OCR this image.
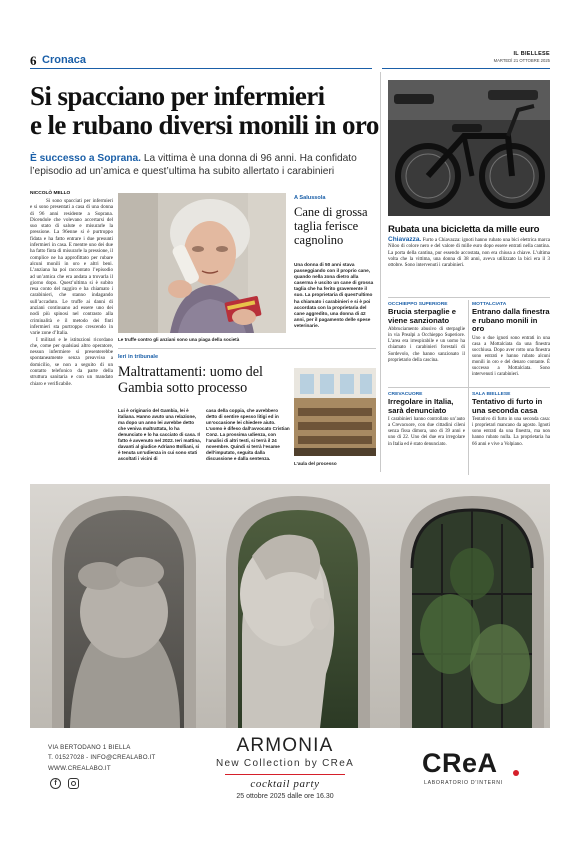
6 Cronaca	IL BIELLESE
MARTEDÌ 21 OTTOBRE 2025
Si spacciano per infermieri
e le rubano diversi monili in oro
È successo a Soprana. La vittima è una donna di 96 anni. Ha confidato l’episodio ad un’amica e quest’ultima ha subito allertato i carabinieri
NICCOLÒ MELLO

Si sono spacciati per infermieri e si sono presentati a casa di una donna di 96 anni residente a Soprana. Dicendole che volevano accertarsi del suo stato di salute e misurarle la pressione. La 96enne si è purtroppo fidata e ha fatto entrare i due presunti infermieri in casa. E mentre uno dei due ha fatto finta di misurarle la pressione, il complice ne ha approfittato per rubare alcuni monili in oro e altri beni. L’anziana ha poi raccontato l’episodio ad un’amica che era andata a trovarla il giorno dopo. Quest’ultima si è subito resa conto del raggiro e ha chiamato i carabinieri, che stanno indagando sull’accaduto. Le truffe ai danni di anziani continuano ad essere uno dei nodi più spinosi nel contrasto alla criminalità e il metodo dei finti infermieri sta purtroppo crescendo in varie zone d’Italia.

I militari e le istituzioni ricordano che, come per qualsiasi altro operatore, nessun infermiere si presenterebbe spontaneamente senza preavviso a domicilio, se non a seguito di un contatto telefonico da parte della struttura sanitaria e con un mandato chiaro e verificabile.

Le truffe contro gli anziani sono una piaga della società
A Salussola
Cane di grossa taglia ferisce cagnolino
Una donna di 50 anni stava passeggiando con il proprio cane, quando nella zona dietro alla caserma è uscito un cane di grossa taglia che ha ferito gravemente il suo. La proprietaria di quest’ultimo ha chiamato i carabinieri e si è poi accordata con la proprietaria del cane aggredito, una donna di 42 anni, per il pagamento delle spese veterinarie.
Ieri in tribunale
Maltrattamenti: uomo del Gambia sotto processo
Lui è originario del Gambia, lei è italiana. Hanno avuto una relazione, ma dopo un anno lei avrebbe detto che veniva maltrattata, lo ha denunciato e lo ha cacciato di casa. Il fatto è avvenuto nel 2022. Ieri mattina, davanti al giudice Adriano Bolliani, si è tenuta un’udienza in cui sono stati ascoltati i vicini di
casa della coppia, che avrebbero detto di sentire spesso litigi ed in un’occasione lei chiedere aiuto. L’uomo è difeso dall’avvocato Cristian Conz. La prossima udienza, con l’analisi di altri testi, si terrà il 24 novembre. Quindi si terrà l’esame dell’imputato, seguita dalla discussione e dalla sentenza.
L’aula del processo
Rubata una bicicletta da mille euro
Chiavazza. Furto a Chiavazza: ignoti hanno rubato una bici elettrica marca Niloo di colore nero e del valore di mille euro dopo essere entrati nella cantina. La porta della cantina, pur essendo accostata, non era chiusa a chiave. L’ultima volta che la vittima, una donna di 38 anni, aveva utilizzato la bici era il 3 ottobre. Sono intervenuti i carabinieri.
OCCHIEPPO SUPERIORE
Brucia sterpaglie e viene sanzionato
Abbruciamento abusivo di sterpaglie in via Prealpi a Occhieppo Superiore. L’area era irrespirabile e un uomo ha chiamato i carabinieri forestali di Sordevolo, che hanno sanzionato il proprietario della cascina.
MOTTALCIATA
Entrano dalla finestra e rubano monili in oro
Uno o due ignoti sono entrati in una casa a Mottalciata da una finestra socchiusa. Dopo aver rotto una finestra sono entrati e hanno rubato alcuni monili in oro e del denaro contante. È successo a Mottalciata. Sono intervenuti i carabinieri.
CREVACUORE
Irregolare in Italia, sarà denunciato
I carabinieri hanno controllato un’auto a Crevacuore, con due cittadini cileni senza fissa dimora, uno di 39 anni e uno di 22. Uno dei due era irregolare in Italia ed è stato denunciato.
SALA BIELLESE
Tentativo di furto in una seconda casa
Tentativo di furto in una seconda casa: i proprietari mancano da agosto. Ignoti sono entrati da una finestra, ma non hanno rubato nulla. La proprietaria ha 66 anni e vive a Volpiano.
VIA BERTODANO 1 BIELLA
T. 01527028 - INFO@CREALABO.IT
WWW.CREALABO.IT
f
ARMONIA
New Collection by CReA
cocktail party
25 ottobre 2025 dalle ore 16.30
CReA
LABORATORIO D’INTERNI
